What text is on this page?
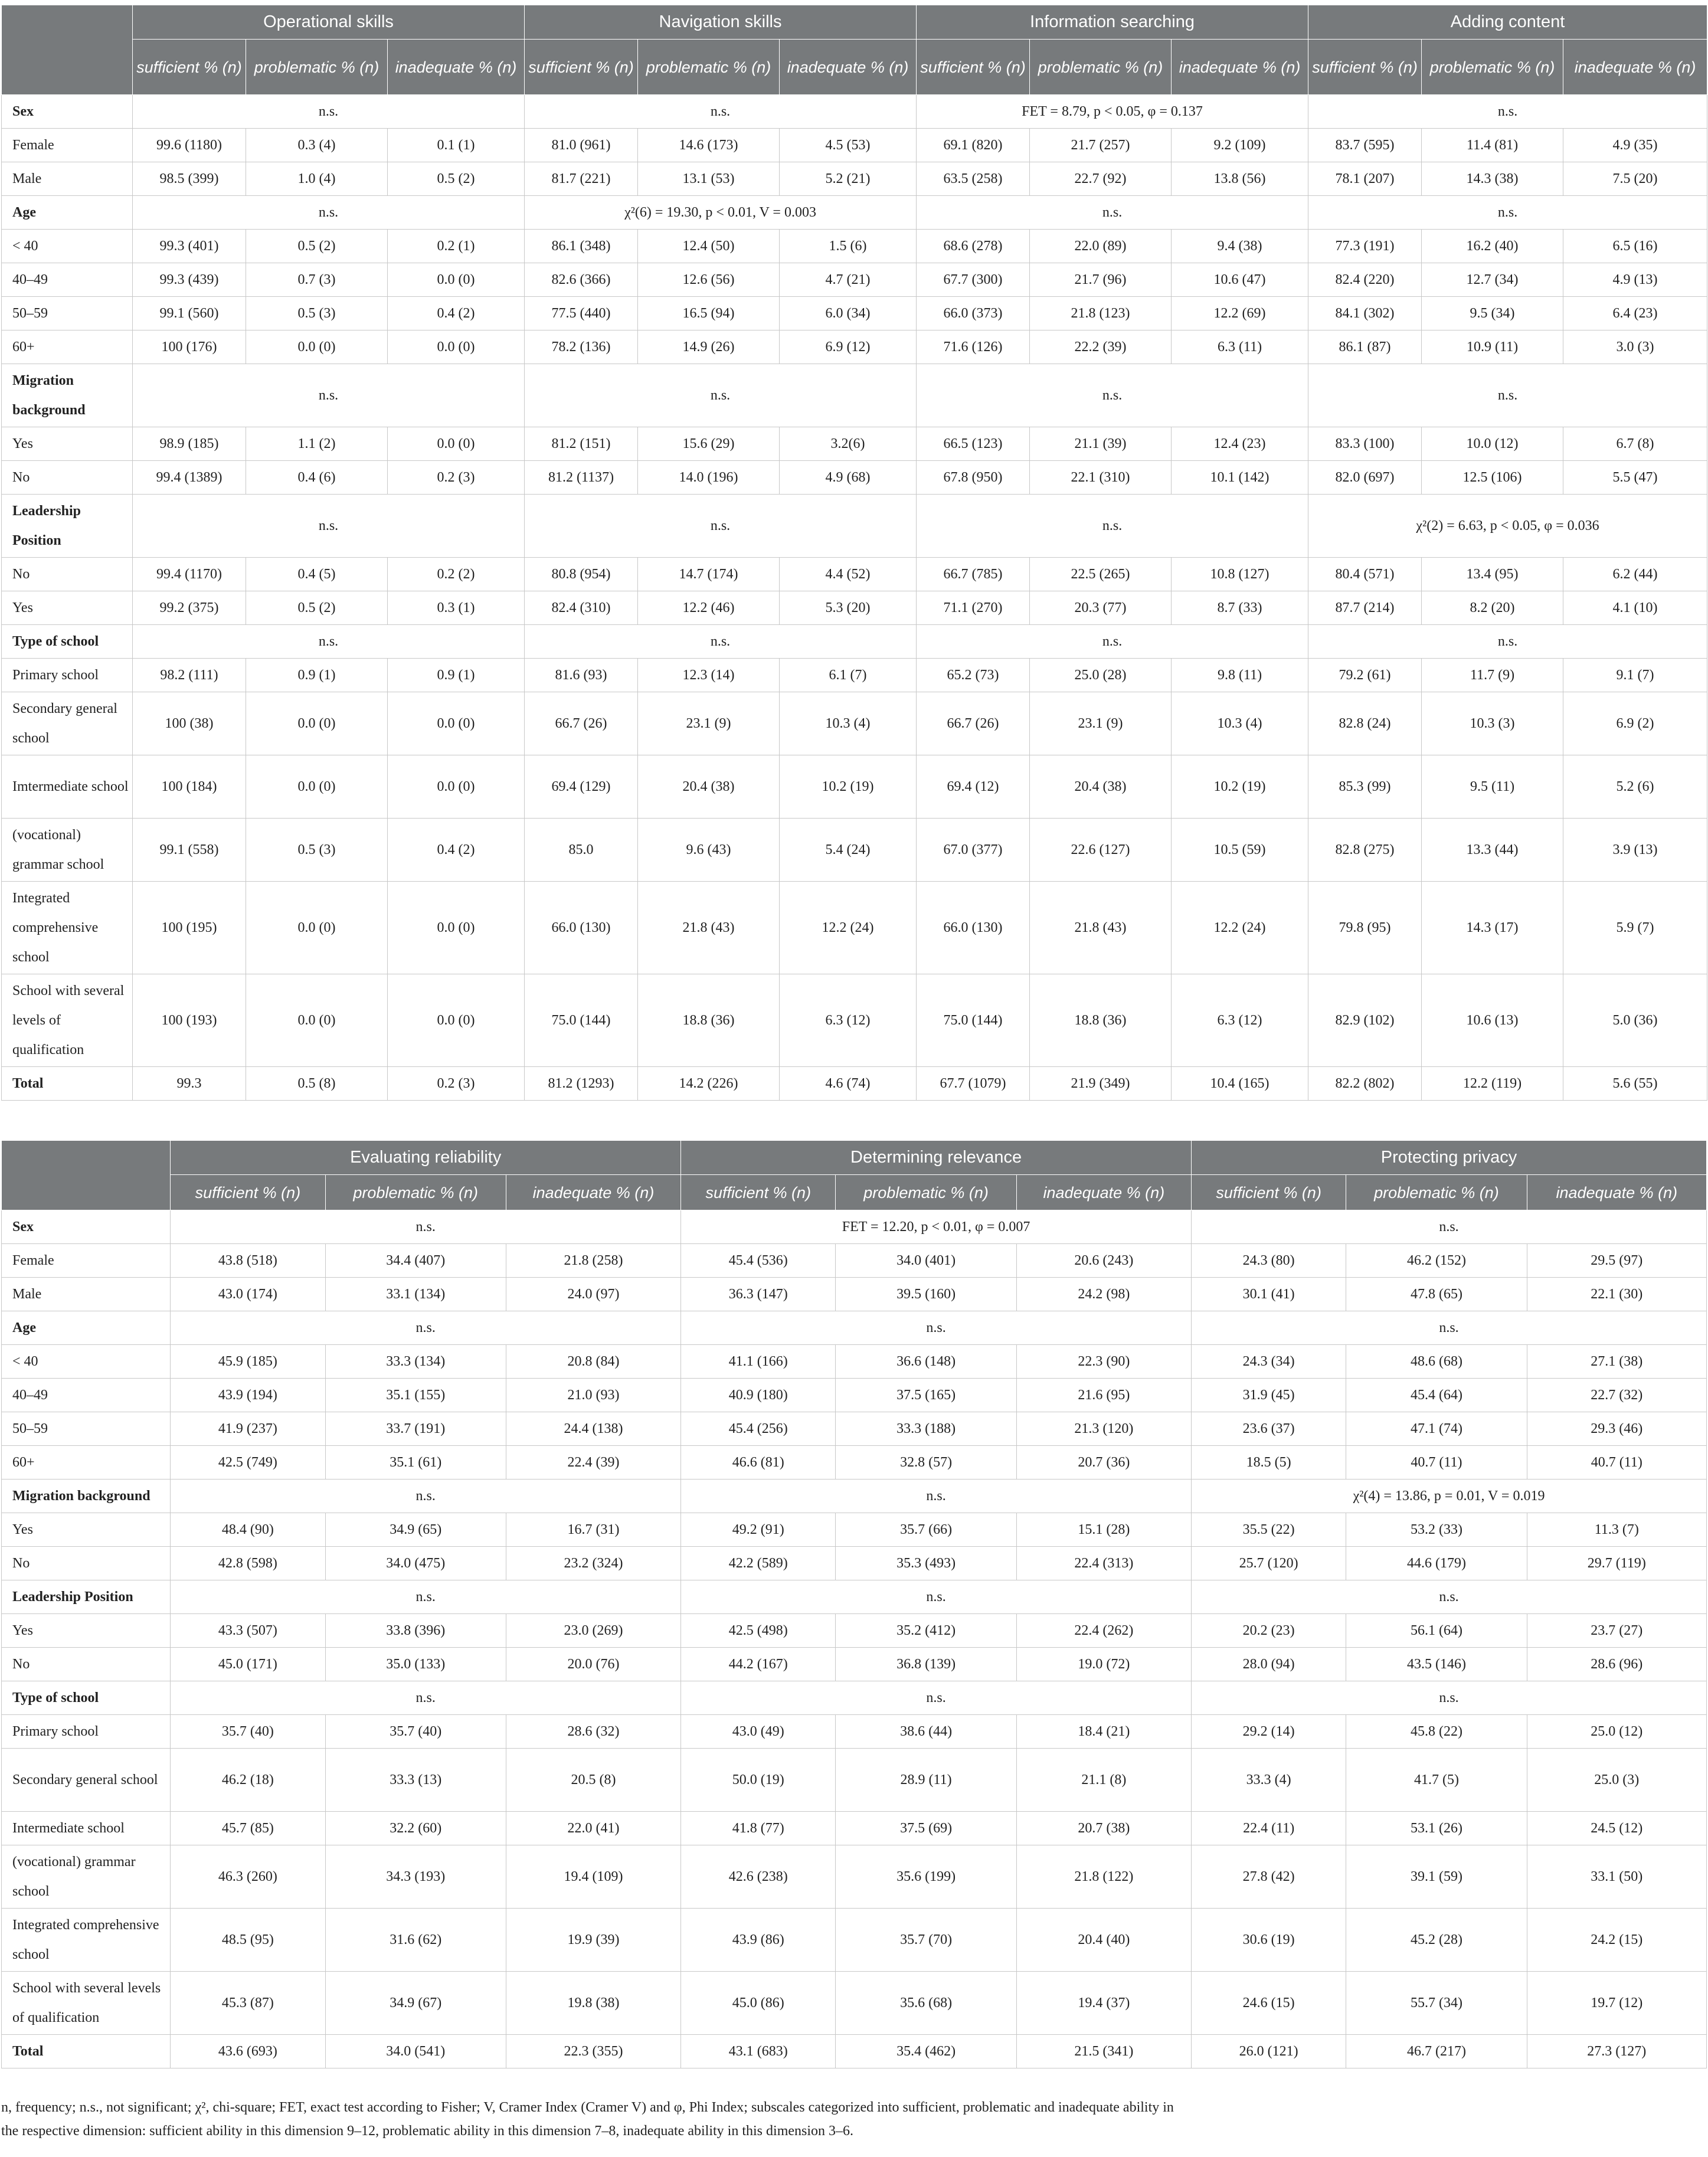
	Operational skills			Navigation skills			Information searching			Adding content		
	sufficient % (n)	problematic % (n)	inadequate % (n)	sufficient % (n)	problematic % (n)	inadequate % (n)	sufficient % (n)	problematic % (n)	inadequate % (n)	sufficient % (n)	problematic % (n)	inadequate % (n)
Sex	n.s.			n.s.			FET = 8.79, p < 0.05, φ = 0.137			n.s.		
Female	99.6 (1180)	0.3 (4)	0.1 (1)	81.0 (961)	14.6 (173)	4.5 (53)	69.1 (820)	21.7 (257)	9.2 (109)	83.7 (595)	11.4 (81)	4.9 (35)
Male	98.5 (399)	1.0 (4)	0.5 (2)	81.7 (221)	13.1 (53)	5.2 (21)	63.5 (258)	22.7 (92)	13.8 (56)	78.1 (207)	14.3 (38)	7.5 (20)
Age	n.s.			χ²(6) = 19.30, p < 0.01, V = 0.003			n.s.			n.s.		
< 40	99.3 (401)	0.5 (2)	0.2 (1)	86.1 (348)	12.4 (50)	1.5 (6)	68.6 (278)	22.0 (89)	9.4 (38)	77.3 (191)	16.2 (40)	6.5 (16)
40–49	99.3 (439)	0.7 (3)	0.0 (0)	82.6 (366)	12.6 (56)	4.7 (21)	67.7 (300)	21.7 (96)	10.6 (47)	82.4 (220)	12.7 (34)	4.9 (13)
50–59	99.1 (560)	0.5 (3)	0.4 (2)	77.5 (440)	16.5 (94)	6.0 (34)	66.0 (373)	21.8 (123)	12.2 (69)	84.1 (302)	9.5 (34)	6.4 (23)
60+	100 (176)	0.0 (0)	0.0 (0)	78.2 (136)	14.9 (26)	6.9 (12)	71.6 (126)	22.2 (39)	6.3 (11)	86.1 (87)	10.9 (11)	3.0 (3)
Migration background	n.s.			n.s.			n.s.			n.s.		
Yes	98.9 (185)	1.1 (2)	0.0 (0)	81.2 (151)	15.6 (29)	3.2(6)	66.5 (123)	21.1 (39)	12.4 (23)	83.3 (100)	10.0 (12)	6.7 (8)
No	99.4 (1389)	0.4 (6)	0.2 (3)	81.2 (1137)	14.0 (196)	4.9 (68)	67.8 (950)	22.1 (310)	10.1 (142)	82.0 (697)	12.5 (106)	5.5 (47)
Leadership Position	n.s.			n.s.			n.s.			χ²(2) = 6.63, p < 0.05, φ = 0.036		
No	99.4 (1170)	0.4 (5)	0.2 (2)	80.8 (954)	14.7 (174)	4.4 (52)	66.7 (785)	22.5 (265)	10.8 (127)	80.4 (571)	13.4 (95)	6.2 (44)
Yes	99.2 (375)	0.5 (2)	0.3 (1)	82.4 (310)	12.2 (46)	5.3 (20)	71.1 (270)	20.3 (77)	8.7 (33)	87.7 (214)	8.2 (20)	4.1 (10)
Type of school	n.s.			n.s.			n.s.			n.s.		
Primary school	98.2 (111)	0.9 (1)	0.9 (1)	81.6 (93)	12.3 (14)	6.1 (7)	65.2 (73)	25.0 (28)	9.8 (11)	79.2 (61)	11.7 (9)	9.1 (7)
Secondary general school	100 (38)	0.0 (0)	0.0 (0)	66.7 (26)	23.1 (9)	10.3 (4)	66.7 (26)	23.1 (9)	10.3 (4)	82.8 (24)	10.3 (3)	6.9 (2)
Imtermediate school	100 (184)	0.0 (0)	0.0 (0)	69.4 (129)	20.4 (38)	10.2 (19)	69.4 (12)	20.4 (38)	10.2 (19)	85.3 (99)	9.5 (11)	5.2 (6)
(vocational) grammar school	99.1 (558)	0.5 (3)	0.4 (2)	85.0	9.6 (43)	5.4 (24)	67.0 (377)	22.6 (127)	10.5 (59)	82.8 (275)	13.3 (44)	3.9 (13)
Integrated comprehensive school	100 (195)	0.0 (0)	0.0 (0)	66.0 (130)	21.8 (43)	12.2 (24)	66.0 (130)	21.8 (43)	12.2 (24)	79.8 (95)	14.3 (17)	5.9 (7)
School with several levels of qualification	100 (193)	0.0 (0)	0.0 (0)	75.0 (144)	18.8 (36)	6.3 (12)	75.0 (144)	18.8 (36)	6.3 (12)	82.9 (102)	10.6 (13)	5.0 (36)
Total	99.3	0.5 (8)	0.2 (3)	81.2 (1293)	14.2 (226)	4.6 (74)	67.7 (1079)	21.9 (349)	10.4 (165)	82.2 (802)	12.2 (119)	5.6 (55)
	Evaluating reliability			Determining relevance			Protecting privacy		
	sufficient % (n)	problematic % (n)	inadequate % (n)	sufficient % (n)	problematic % (n)	inadequate % (n)	sufficient % (n)	problematic % (n)	inadequate % (n)
Sex	n.s.			FET = 12.20, p < 0.01, φ = 0.007			n.s.		
Female	43.8 (518)	34.4 (407)	21.8 (258)	45.4 (536)	34.0 (401)	20.6 (243)	24.3 (80)	46.2 (152)	29.5 (97)
Male	43.0 (174)	33.1 (134)	24.0 (97)	36.3 (147)	39.5 (160)	24.2 (98)	30.1 (41)	47.8 (65)	22.1 (30)
Age	n.s.			n.s.			n.s.		
< 40	45.9 (185)	33.3 (134)	20.8 (84)	41.1 (166)	36.6 (148)	22.3 (90)	24.3 (34)	48.6 (68)	27.1 (38)
40–49	43.9 (194)	35.1 (155)	21.0 (93)	40.9 (180)	37.5 (165)	21.6 (95)	31.9 (45)	45.4 (64)	22.7 (32)
50–59	41.9 (237)	33.7 (191)	24.4 (138)	45.4 (256)	33.3 (188)	21.3 (120)	23.6 (37)	47.1 (74)	29.3 (46)
60+	42.5 (749)	35.1 (61)	22.4 (39)	46.6 (81)	32.8 (57)	20.7 (36)	18.5 (5)	40.7 (11)	40.7 (11)
Migration background	n.s.			n.s.			χ²(4) = 13.86, p = 0.01, V = 0.019		
Yes	48.4 (90)	34.9 (65)	16.7 (31)	49.2 (91)	35.7 (66)	15.1 (28)	35.5 (22)	53.2 (33)	11.3 (7)
No	42.8 (598)	34.0 (475)	23.2 (324)	42.2 (589)	35.3 (493)	22.4 (313)	25.7 (120)	44.6 (179)	29.7 (119)
Leadership Position	n.s.			n.s.			n.s.		
Yes	43.3 (507)	33.8 (396)	23.0 (269)	42.5 (498)	35.2 (412)	22.4 (262)	20.2 (23)	56.1 (64)	23.7 (27)
No	45.0 (171)	35.0 (133)	20.0 (76)	44.2 (167)	36.8 (139)	19.0 (72)	28.0 (94)	43.5 (146)	28.6 (96)
Type of school	n.s.			n.s.			n.s.		
Primary school	35.7 (40)	35.7 (40)	28.6 (32)	43.0 (49)	38.6 (44)	18.4 (21)	29.2 (14)	45.8 (22)	25.0 (12)
Secondary general school	46.2 (18)	33.3 (13)	20.5 (8)	50.0 (19)	28.9 (11)	21.1 (8)	33.3 (4)	41.7 (5)	25.0 (3)
Intermediate school	45.7 (85)	32.2 (60)	22.0 (41)	41.8 (77)	37.5 (69)	20.7 (38)	22.4 (11)	53.1 (26)	24.5 (12)
(vocational) grammar school	46.3 (260)	34.3 (193)	19.4 (109)	42.6 (238)	35.6 (199)	21.8 (122)	27.8 (42)	39.1 (59)	33.1 (50)
Integrated comprehensive school	48.5 (95)	31.6 (62)	19.9 (39)	43.9 (86)	35.7 (70)	20.4 (40)	30.6 (19)	45.2 (28)	24.2 (15)
School with several levels of qualification	45.3 (87)	34.9 (67)	19.8 (38)	45.0 (86)	35.6 (68)	19.4 (37)	24.6 (15)	55.7 (34)	19.7 (12)
Total	43.6 (693)	34.0 (541)	22.3 (355)	43.1 (683)	35.4 (462)	21.5 (341)	26.0 (121)	46.7 (217)	27.3 (127)
n, frequency; n.s., not significant; χ², chi-square; FET, exact test according to Fisher; V, Cramer Index (Cramer V) and φ, Phi Index; subscales categorized into sufficient, problematic and inadequate ability in the respective dimension: sufficient ability in this dimension 9–12, problematic ability in this dimension 7–8, inadequate ability in this dimension 3–6.
